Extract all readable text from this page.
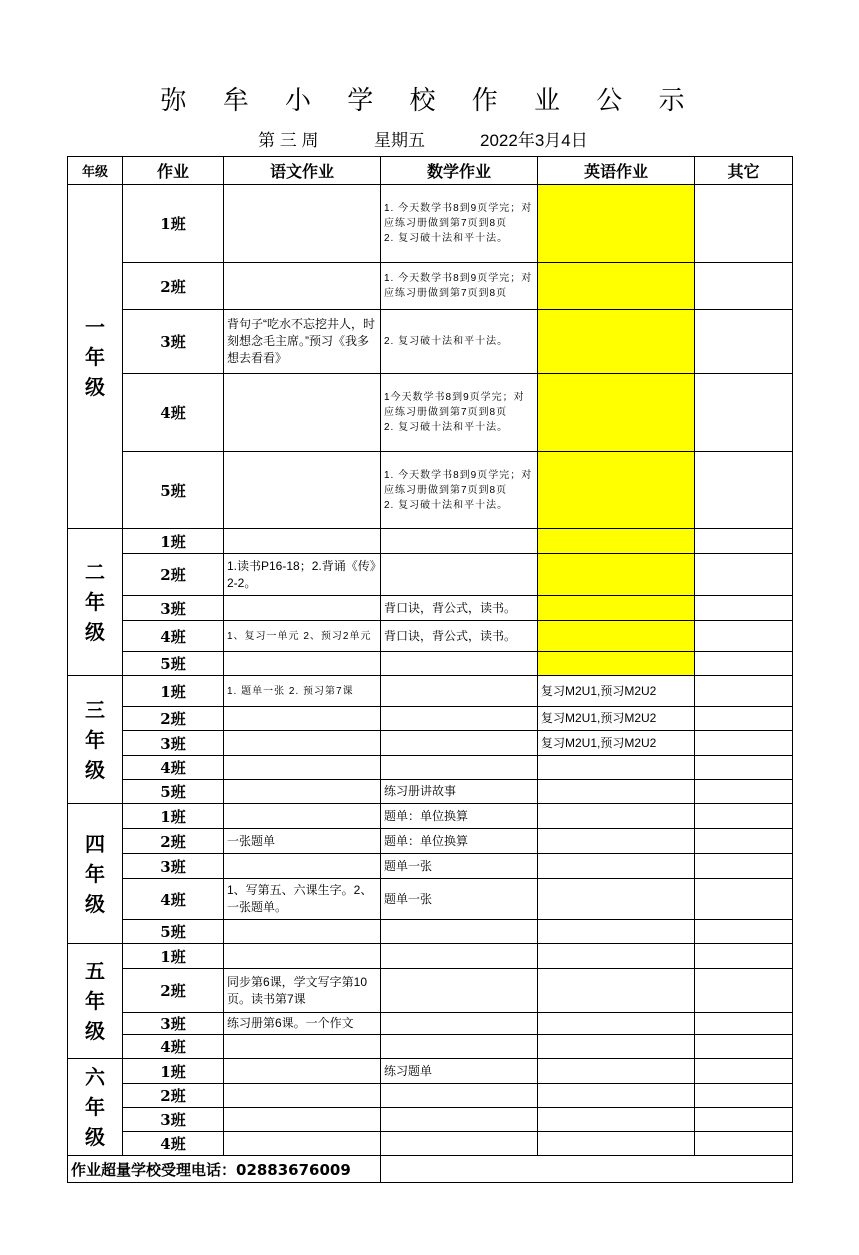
弥 牟 小 学 校 作 业 公 示
第 三 周	星期五	2022年3月4日
年级	作业	语文作业	数学作业	英语作业	其它

一
年
级	1班		1. 今天数学书8到9页学完；对应练习册做到第7页到8页
2. 复习破十法和平十法。		
	2班		1. 今天数学书8到9页学完；对应练习册做到第7页到8页		
	3班	背句子“吃水不忘挖井人，时刻想念毛主席。”预习《我多想去看看》	2. 复习破十法和平十法。		
	4班		1今天数学书8到9页学完；对应练习册做到第7页到8页
2. 复习破十法和平十法。		
	5班		1. 今天数学书8到9页学完；对应练习册做到第7页到8页
2. 复习破十法和平十法。		

二
年
级	1班				
	2班	1.读书P16-18；2.背诵《传》2-2。			
	3班		背口诀，背公式，读书。		
	4班	1、复习一单元 2、预习2单元	背口诀，背公式，读书。		
	5班				

三
年
级	1班	1. 题单一张 2. 预习第7课		复习M2U1,预习M2U2	
	2班			复习M2U1,预习M2U2	
	3班			复习M2U1,预习M2U2	
	4班				
	5班		练习册讲故事		

四
年
级	1班		题单：单位换算		
	2班	一张题单	题单：单位换算		
	3班		题单一张		
	4班	1、写第五、六课生字。2、一张题单。	题单一张		
	5班				

五
年
级	1班				
	2班	同步第6课，学文写字第10页。读书第7课			
	3班	练习册第6课。一个作文			
	4班				

六
年
级	1班		练习题单		
	2班				
	3班				
	4班				
作业超量学校受理电话：02883676009					
